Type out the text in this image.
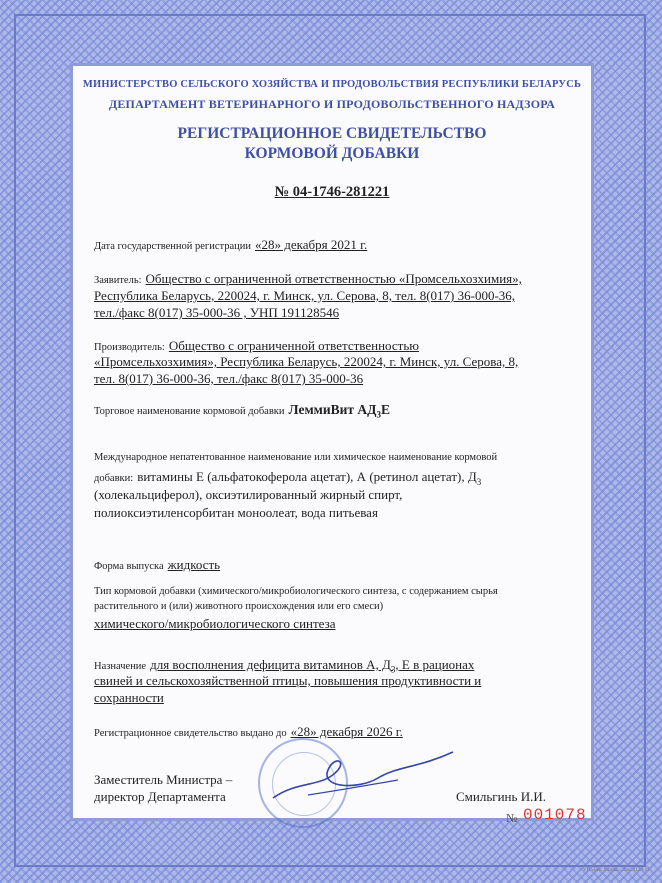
МИНИСТЕРСТВО СЕЛЬСКОГО ХОЗЯЙСТВА И ПРОДОВОЛЬСТВИЯ РЕСПУБЛИКИ БЕЛАРУСЬ
ДЕПАРТАМЕНТ ВЕТЕРИНАРНОГО И ПРОДОВОЛЬСТВЕННОГО НАДЗОРА
РЕГИСТРАЦИОННОЕ СВИДЕТЕЛЬСТВО
КОРМОВОЙ ДОБАВКИ
№ 04-1746-281221
Дата государственной регистрации «28» декабря 2021 г.
Заявитель: Общество с ограниченной ответственностью «Промсельхозхимия»,
Республика Беларусь, 220024, г. Минск, ул. Серова, 8, тел. 8(017) 36-000-36,
тел./факс 8(017) 35-000-36 , УНП 191128546
Производитель: Общество с ограниченной ответственностью
«Промсельхозхимия», Республика Беларусь, 220024, г. Минск, ул. Серова, 8,
тел. 8(017) 36-000-36, тел./факс 8(017) 35-000-36
Торговое наименование кормовой добавки ЛеммиВит $АД_3Е$
Международное непатентованное наименование или химическое наименование кормовой
добавки: витамины Е (альфатокоферола ацетат), А (ретинол ацетат), $Д_3$
(холекальциферол), оксиэтилированный жирный спирт,
полиоксиэтиленсорбитан моноолеат, вода питьевая
Форма выпуска жидкость
Тип кормовой добавки (химического/микробиологического синтеза, с содержанием сырья
растительного и (или) животного происхождения или его смеси)
химического/микробиологического синтеза
Назначение для восполнения дефицита витаминов А, $Д_3$, Е в рационах
свиней и сельскохозяйственной птицы, повышения продуктивности и
сохранности
Регистрационное свидетельство выдано до «28» декабря 2026 г.
Заместитель Министра –
директор Департамента	Смильгинь И.И.
№ 001078
УП «Бел. Гознак». Зак. 3124-21
